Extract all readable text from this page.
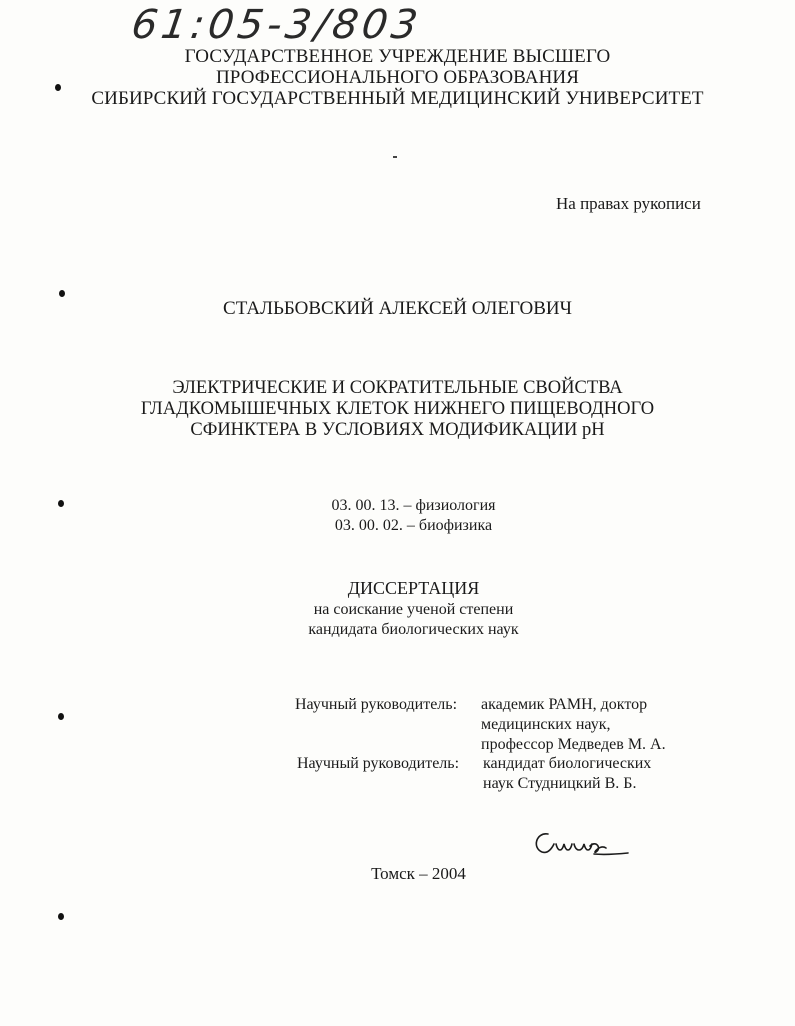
61:05-3/803
ГОСУДАРСТВЕННОЕ УЧРЕЖДЕНИЕ ВЫСШЕГО
ПРОФЕССИОНАЛЬНОГО ОБРАЗОВАНИЯ
СИБИРСКИЙ ГОСУДАРСТВЕННЫЙ МЕДИЦИНСКИЙ УНИВЕРСИТЕТ
На правах рукописи
СТАЛЬБОВСКИЙ АЛЕКСЕЙ ОЛЕГОВИЧ
ЭЛЕКТРИЧЕСКИЕ И СОКРАТИТЕЛЬНЫЕ СВОЙСТВА
ГЛАДКОМЫШЕЧНЫХ КЛЕТОК НИЖНЕГО ПИЩЕВОДНОГО
СФИНКТЕРА В УСЛОВИЯХ МОДИФИКАЦИИ pH
03. 00. 13. – физиология
03. 00. 02. – биофизика
ДИССЕРТАЦИЯ
на соискание ученой степени
кандидата биологических наук
Научный руководитель: академик РАМН, доктор
медицинских наук,
профессор Медведев М. А.
Научный руководитель: кандидат биологических
наук Студницкий В. Б.
Томск – 2004
